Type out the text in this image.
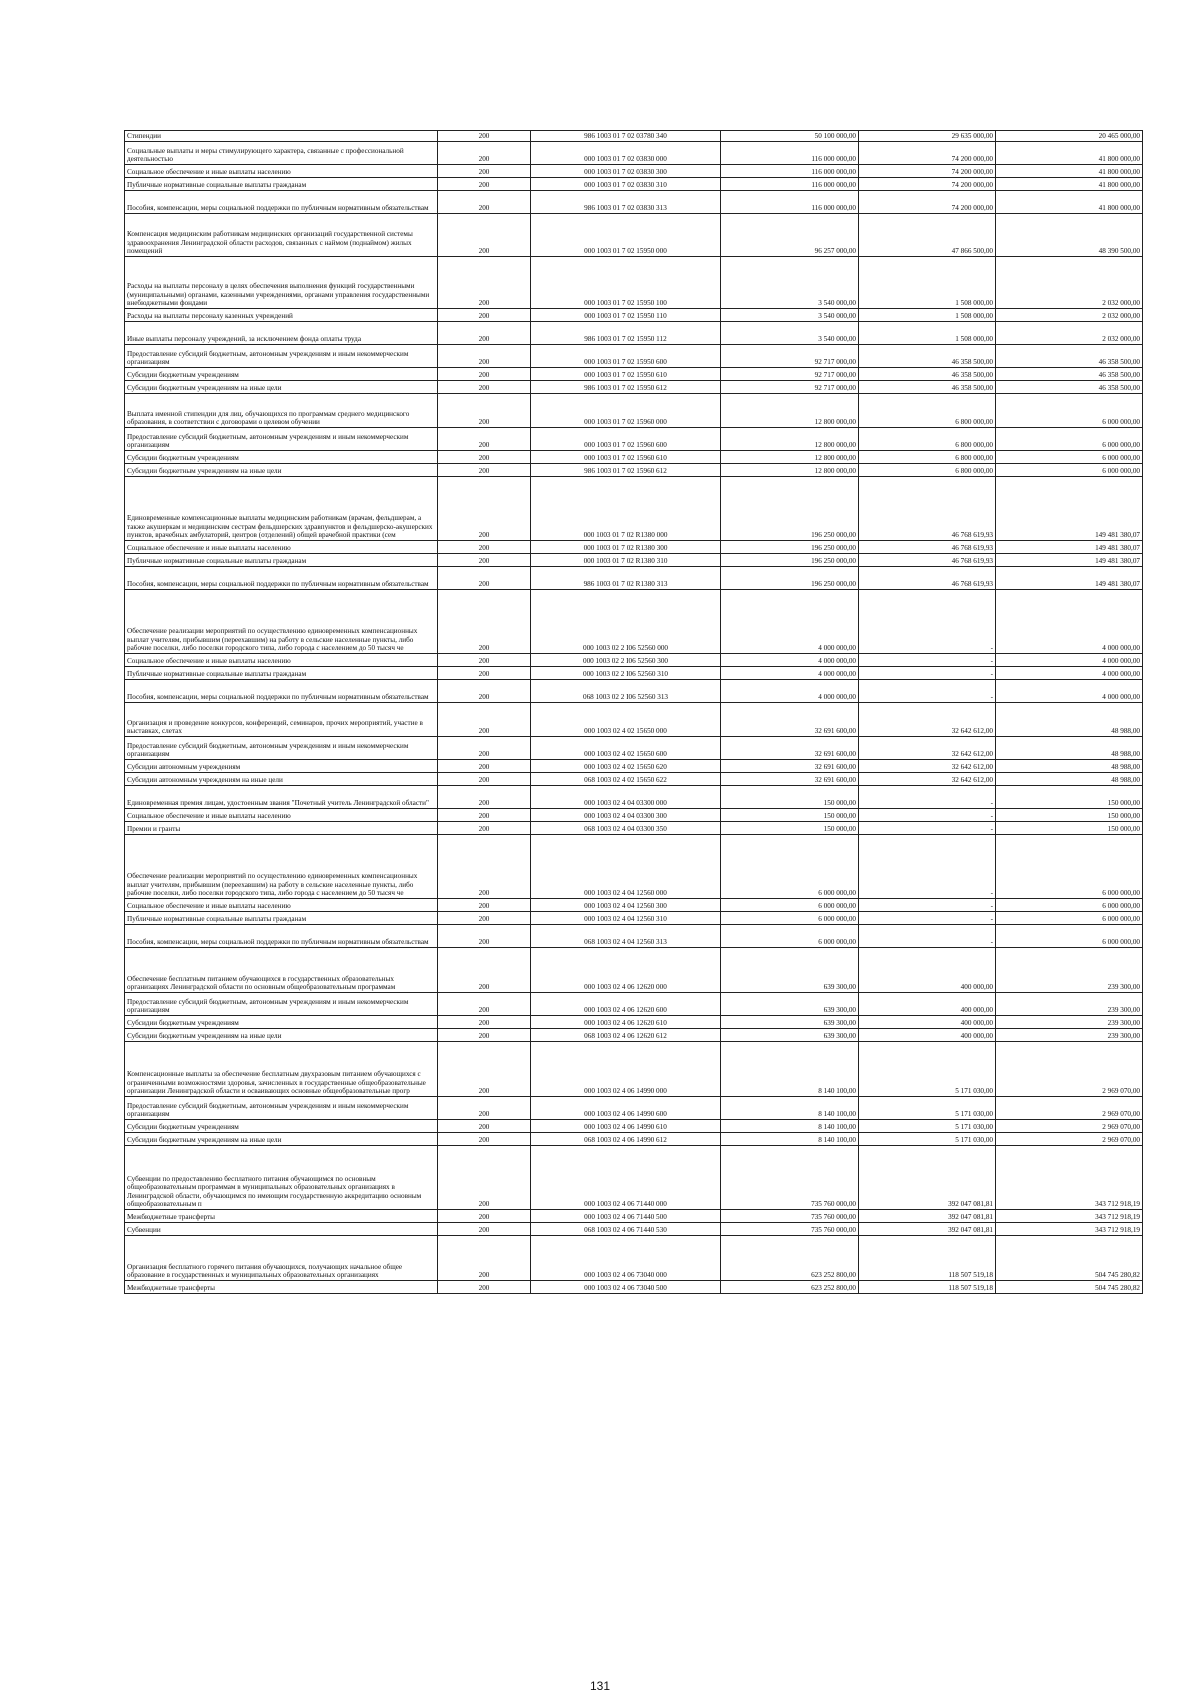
Стипендии	200	986 1003 01 7 02 03780 340	50 100 000,00	29 635 000,00	20 465 000,00
Социальные выплаты и меры стимулирующего характера, связанные с профессиональной деятельностью	200	000 1003 01 7 02 03830 000	116 000 000,00	74 200 000,00	41 800 000,00
Социальное обеспечение и иные выплаты населению	200	000 1003 01 7 02 03830 300	116 000 000,00	74 200 000,00	41 800 000,00
Публичные нормативные социальные выплаты гражданам	200	000 1003 01 7 02 03830 310	116 000 000,00	74 200 000,00	41 800 000,00
Пособия, компенсации, меры социальной поддержки по публичным нормативным обязательствам	200	986 1003 01 7 02 03830 313	116 000 000,00	74 200 000,00	41 800 000,00
Компенсация медицинским работникам медицинских организаций государственной системы здравоохранения Ленинградской области расходов, связанных с наймом (поднаймом) жилых помещений	200	000 1003 01 7 02 15950 000	96 257 000,00	47 866 500,00	48 390 500,00
Расходы на выплаты персоналу в целях обеспечения выполнения функций государственными (муниципальными) органами, казенными учреждениями, органами управления государственными внебюджетными фондами	200	000 1003 01 7 02 15950 100	3 540 000,00	1 508 000,00	2 032 000,00
Расходы на выплаты персоналу казенных учреждений	200	000 1003 01 7 02 15950 110	3 540 000,00	1 508 000,00	2 032 000,00
Иные выплаты персоналу учреждений, за исключением фонда оплаты труда	200	986 1003 01 7 02 15950 112	3 540 000,00	1 508 000,00	2 032 000,00
Предоставление субсидий бюджетным, автономным учреждениям и иным некоммерческим организациям	200	000 1003 01 7 02 15950 600	92 717 000,00	46 358 500,00	46 358 500,00
Субсидии бюджетным учреждениям	200	000 1003 01 7 02 15950 610	92 717 000,00	46 358 500,00	46 358 500,00
Субсидии бюджетным учреждениям на иные цели	200	986 1003 01 7 02 15950 612	92 717 000,00	46 358 500,00	46 358 500,00
Выплата именной стипендии для лиц, обучающихся по программам среднего медицинского образования, в соответствии с договорами о целевом обучении	200	000 1003 01 7 02 15960 000	12 800 000,00	6 800 000,00	6 000 000,00
Предоставление субсидий бюджетным, автономным учреждениям и иным некоммерческим организациям	200	000 1003 01 7 02 15960 600	12 800 000,00	6 800 000,00	6 000 000,00
Субсидии бюджетным учреждениям	200	000 1003 01 7 02 15960 610	12 800 000,00	6 800 000,00	6 000 000,00
Субсидии бюджетным учреждениям на иные цели	200	986 1003 01 7 02 15960 612	12 800 000,00	6 800 000,00	6 000 000,00
Единовременные компенсационные выплаты медицинским работникам (врачам, фельдшерам, а также акушеркам и медицинским сестрам фельдшерских здравпунктов и фельдшерско-акушерских пунктов, врачебных амбулаторий, центров (отделений) общей врачебной практики (сем	200	000 1003 01 7 02 R1380 000	196 250 000,00	46 768 619,93	149 481 380,07
Социальное обеспечение и иные выплаты населению	200	000 1003 01 7 02 R1380 300	196 250 000,00	46 768 619,93	149 481 380,07
Публичные нормативные социальные выплаты гражданам	200	000 1003 01 7 02 R1380 310	196 250 000,00	46 768 619,93	149 481 380,07
Пособия, компенсации, меры социальной поддержки по публичным нормативным обязательствам	200	986 1003 01 7 02 R1380 313	196 250 000,00	46 768 619,93	149 481 380,07
Обеспечение реализации мероприятий по осуществлению единовременных компенсационных выплат учителям, прибывшим (переехавшим) на работу в сельские населенные пункты, либо рабочие поселки, либо поселки городского типа, либо города с населением до 50 тысяч че	200	000 1003 02 2 I06 52560 000	4 000 000,00	-	4 000 000,00
Социальное обеспечение и иные выплаты населению	200	000 1003 02 2 I06 52560 300	4 000 000,00	-	4 000 000,00
Публичные нормативные социальные выплаты гражданам	200	000 1003 02 2 I06 52560 310	4 000 000,00	-	4 000 000,00
Пособия, компенсации, меры социальной поддержки по публичным нормативным обязательствам	200	068 1003 02 2 I06 52560 313	4 000 000,00	-	4 000 000,00
Организация и проведение конкурсов, конференций, семинаров, прочих мероприятий, участие в выставках, слетах	200	000 1003 02 4 02 15650 000	32 691 600,00	32 642 612,00	48 988,00
Предоставление субсидий бюджетным, автономным учреждениям и иным некоммерческим организациям	200	000 1003 02 4 02 15650 600	32 691 600,00	32 642 612,00	48 988,00
Субсидии автономным учреждениям	200	000 1003 02 4 02 15650 620	32 691 600,00	32 642 612,00	48 988,00
Субсидии автономным учреждениям на иные цели	200	068 1003 02 4 02 15650 622	32 691 600,00	32 642 612,00	48 988,00
Единовременная премия лицам, удостоенным звания "Почетный учитель Ленинградской области"	200	000 1003 02 4 04 03300 000	150 000,00	-	150 000,00
Социальное обеспечение и иные выплаты населению	200	000 1003 02 4 04 03300 300	150 000,00	-	150 000,00
Премии и гранты	200	068 1003 02 4 04 03300 350	150 000,00	-	150 000,00
Обеспечение реализации мероприятий по осуществлению единовременных компенсационных выплат учителям, прибывшим (переехавшим) на работу в сельские населенные пункты, либо рабочие поселки, либо поселки городского типа, либо города с населением до 50 тысяч че	200	000 1003 02 4 04 12560 000	6 000 000,00	-	6 000 000,00
Социальное обеспечение и иные выплаты населению	200	000 1003 02 4 04 12560 300	6 000 000,00	-	6 000 000,00
Публичные нормативные социальные выплаты гражданам	200	000 1003 02 4 04 12560 310	6 000 000,00	-	6 000 000,00
Пособия, компенсации, меры социальной поддержки по публичным нормативным обязательствам	200	068 1003 02 4 04 12560 313	6 000 000,00	-	6 000 000,00
Обеспечение бесплатным питанием обучающихся в государственных образовательных организациях Ленинградской области по основным общеобразовательным программам	200	000 1003 02 4 06 12620 000	639 300,00	400 000,00	239 300,00
Предоставление субсидий бюджетным, автономным учреждениям и иным некоммерческим организациям	200	000 1003 02 4 06 12620 600	639 300,00	400 000,00	239 300,00
Субсидии бюджетным учреждениям	200	000 1003 02 4 06 12620 610	639 300,00	400 000,00	239 300,00
Субсидии бюджетным учреждениям на иные цели	200	068 1003 02 4 06 12620 612	639 300,00	400 000,00	239 300,00
Компенсационные выплаты за обеспечение бесплатным двухразовым питанием обучающихся с ограниченными возможностями здоровья, зачисленных в государственные общеобразовательные организации Ленинградской области и осваивающих основные общеобразовательные прогр	200	000 1003 02 4 06 14990 000	8 140 100,00	5 171 030,00	2 969 070,00
Предоставление субсидий бюджетным, автономным учреждениям и иным некоммерческим организациям	200	000 1003 02 4 06 14990 600	8 140 100,00	5 171 030,00	2 969 070,00
Субсидии бюджетным учреждениям	200	000 1003 02 4 06 14990 610	8 140 100,00	5 171 030,00	2 969 070,00
Субсидии бюджетным учреждениям на иные цели	200	068 1003 02 4 06 14990 612	8 140 100,00	5 171 030,00	2 969 070,00
Субвенции по предоставлению бесплатного питания обучающимся по основным общеобразовательным программам в муниципальных образовательных организациях в Ленинградской области, обучающимся по имеющим государственную аккредитацию основным общеобразовательным п	200	000 1003 02 4 06 71440 000	735 760 000,00	392 047 081,81	343 712 918,19
Межбюджетные трансферты	200	000 1003 02 4 06 71440 500	735 760 000,00	392 047 081,81	343 712 918,19
Субвенции	200	068 1003 02 4 06 71440 530	735 760 000,00	392 047 081,81	343 712 918,19
Организация бесплатного горячего питания обучающихся, получающих начальное общее образование в государственных и муниципальных образовательных организациях	200	000 1003 02 4 06 73040 000	623 252 800,00	118 507 519,18	504 745 280,82
Межбюджетные трансферты	200	000 1003 02 4 06 73040 500	623 252 800,00	118 507 519,18	504 745 280,82
131
